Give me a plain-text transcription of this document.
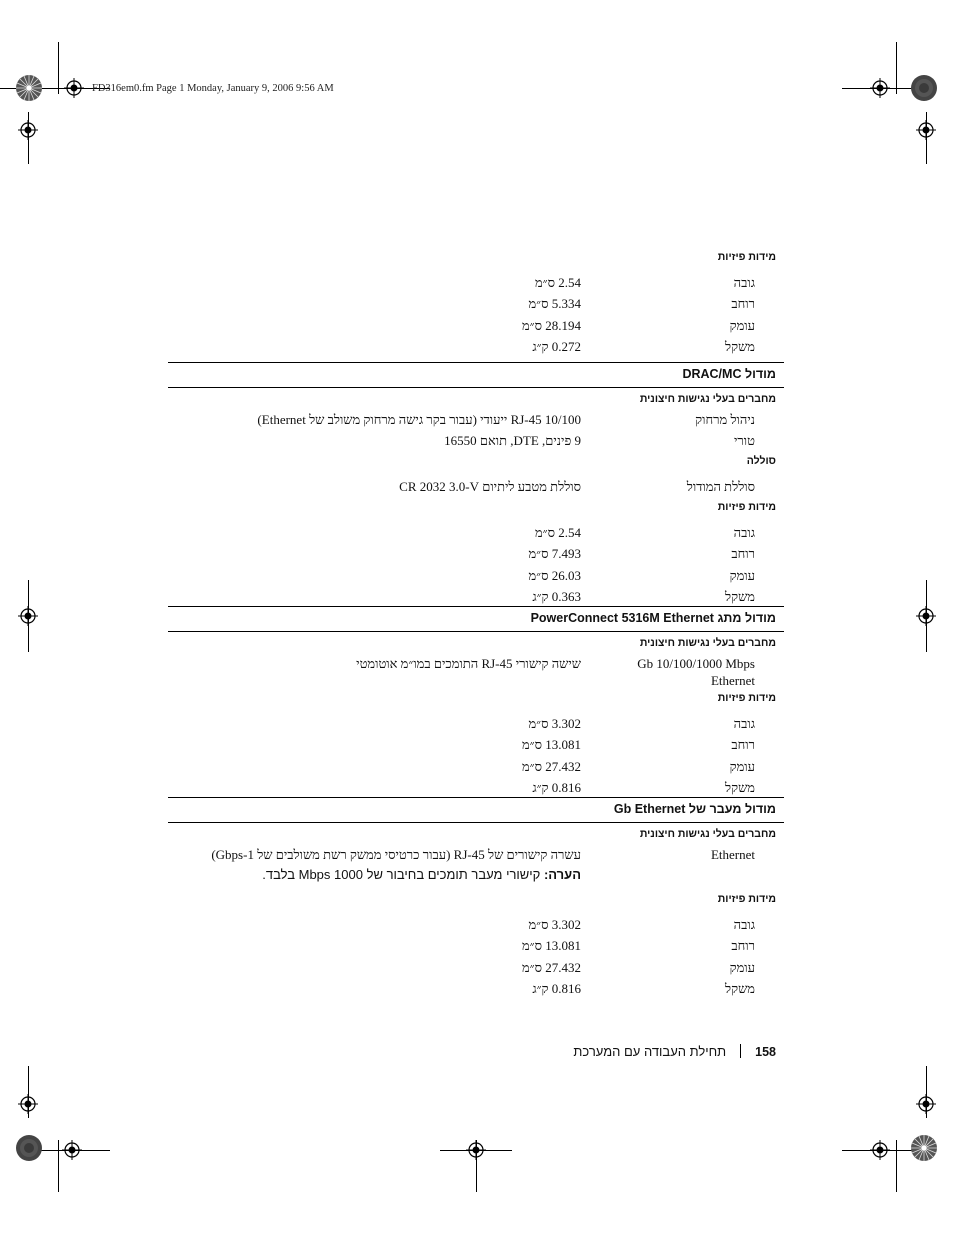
FD316em0.fm Page 1 Monday, January 9, 2006 9:56 AM
מידות פיזיות
גובה
2.54 ס״מ
רוחב
5.334 ס״מ
עומק
28.194 ס״מ
משקל
0.272 ק״ג
מודול DRAC/MC
מחברים בעלי נגישות חיצונית
ניהול מרחוק
10/100 RJ-45 ייעודי (עבור בקר גישה מרחוק משולב של Ethernet)
טורי
9 פינים, DTE, תואם 16550
סוללה
סוללת המודול
סוללת מטבע ליתיום CR 2032 3.0-V
מידות פיזיות
גובה
2.54 ס״מ
רוחב
7.493 ס״מ
עומק
26.03 ס״מ
משקל
0.363 ק״ג
מודול מתג PowerConnect 5316M Ethernet
מחברים בעלי נגישות חיצונית
Gb 10/100/1000 Mbps
Ethernet
שישה קישורי RJ-45 התומכים במו״מ אוטומטי
מידות פיזיות
גובה
3.302 ס״מ
רוחב
13.081 ס״מ
עומק
27.432 ס״מ
משקל
0.816 ק״ג
מודול מעבר של Gb Ethernet
מחברים בעלי נגישות חיצונית
Ethernet
עשרה קישורים של RJ-45 (עבור כרטיסי ממשק רשת משולבים של 1-Gbps)
הערה: קישורי מעבר תומכים בחיבור של 1000 Mbps בלבד.
מידות פיזיות
גובה
3.302 ס״מ
רוחב
13.081 ס״מ
עומק
27.432 ס״מ
משקל
0.816 ק״ג
158תחילת העבודה עם המערכת
